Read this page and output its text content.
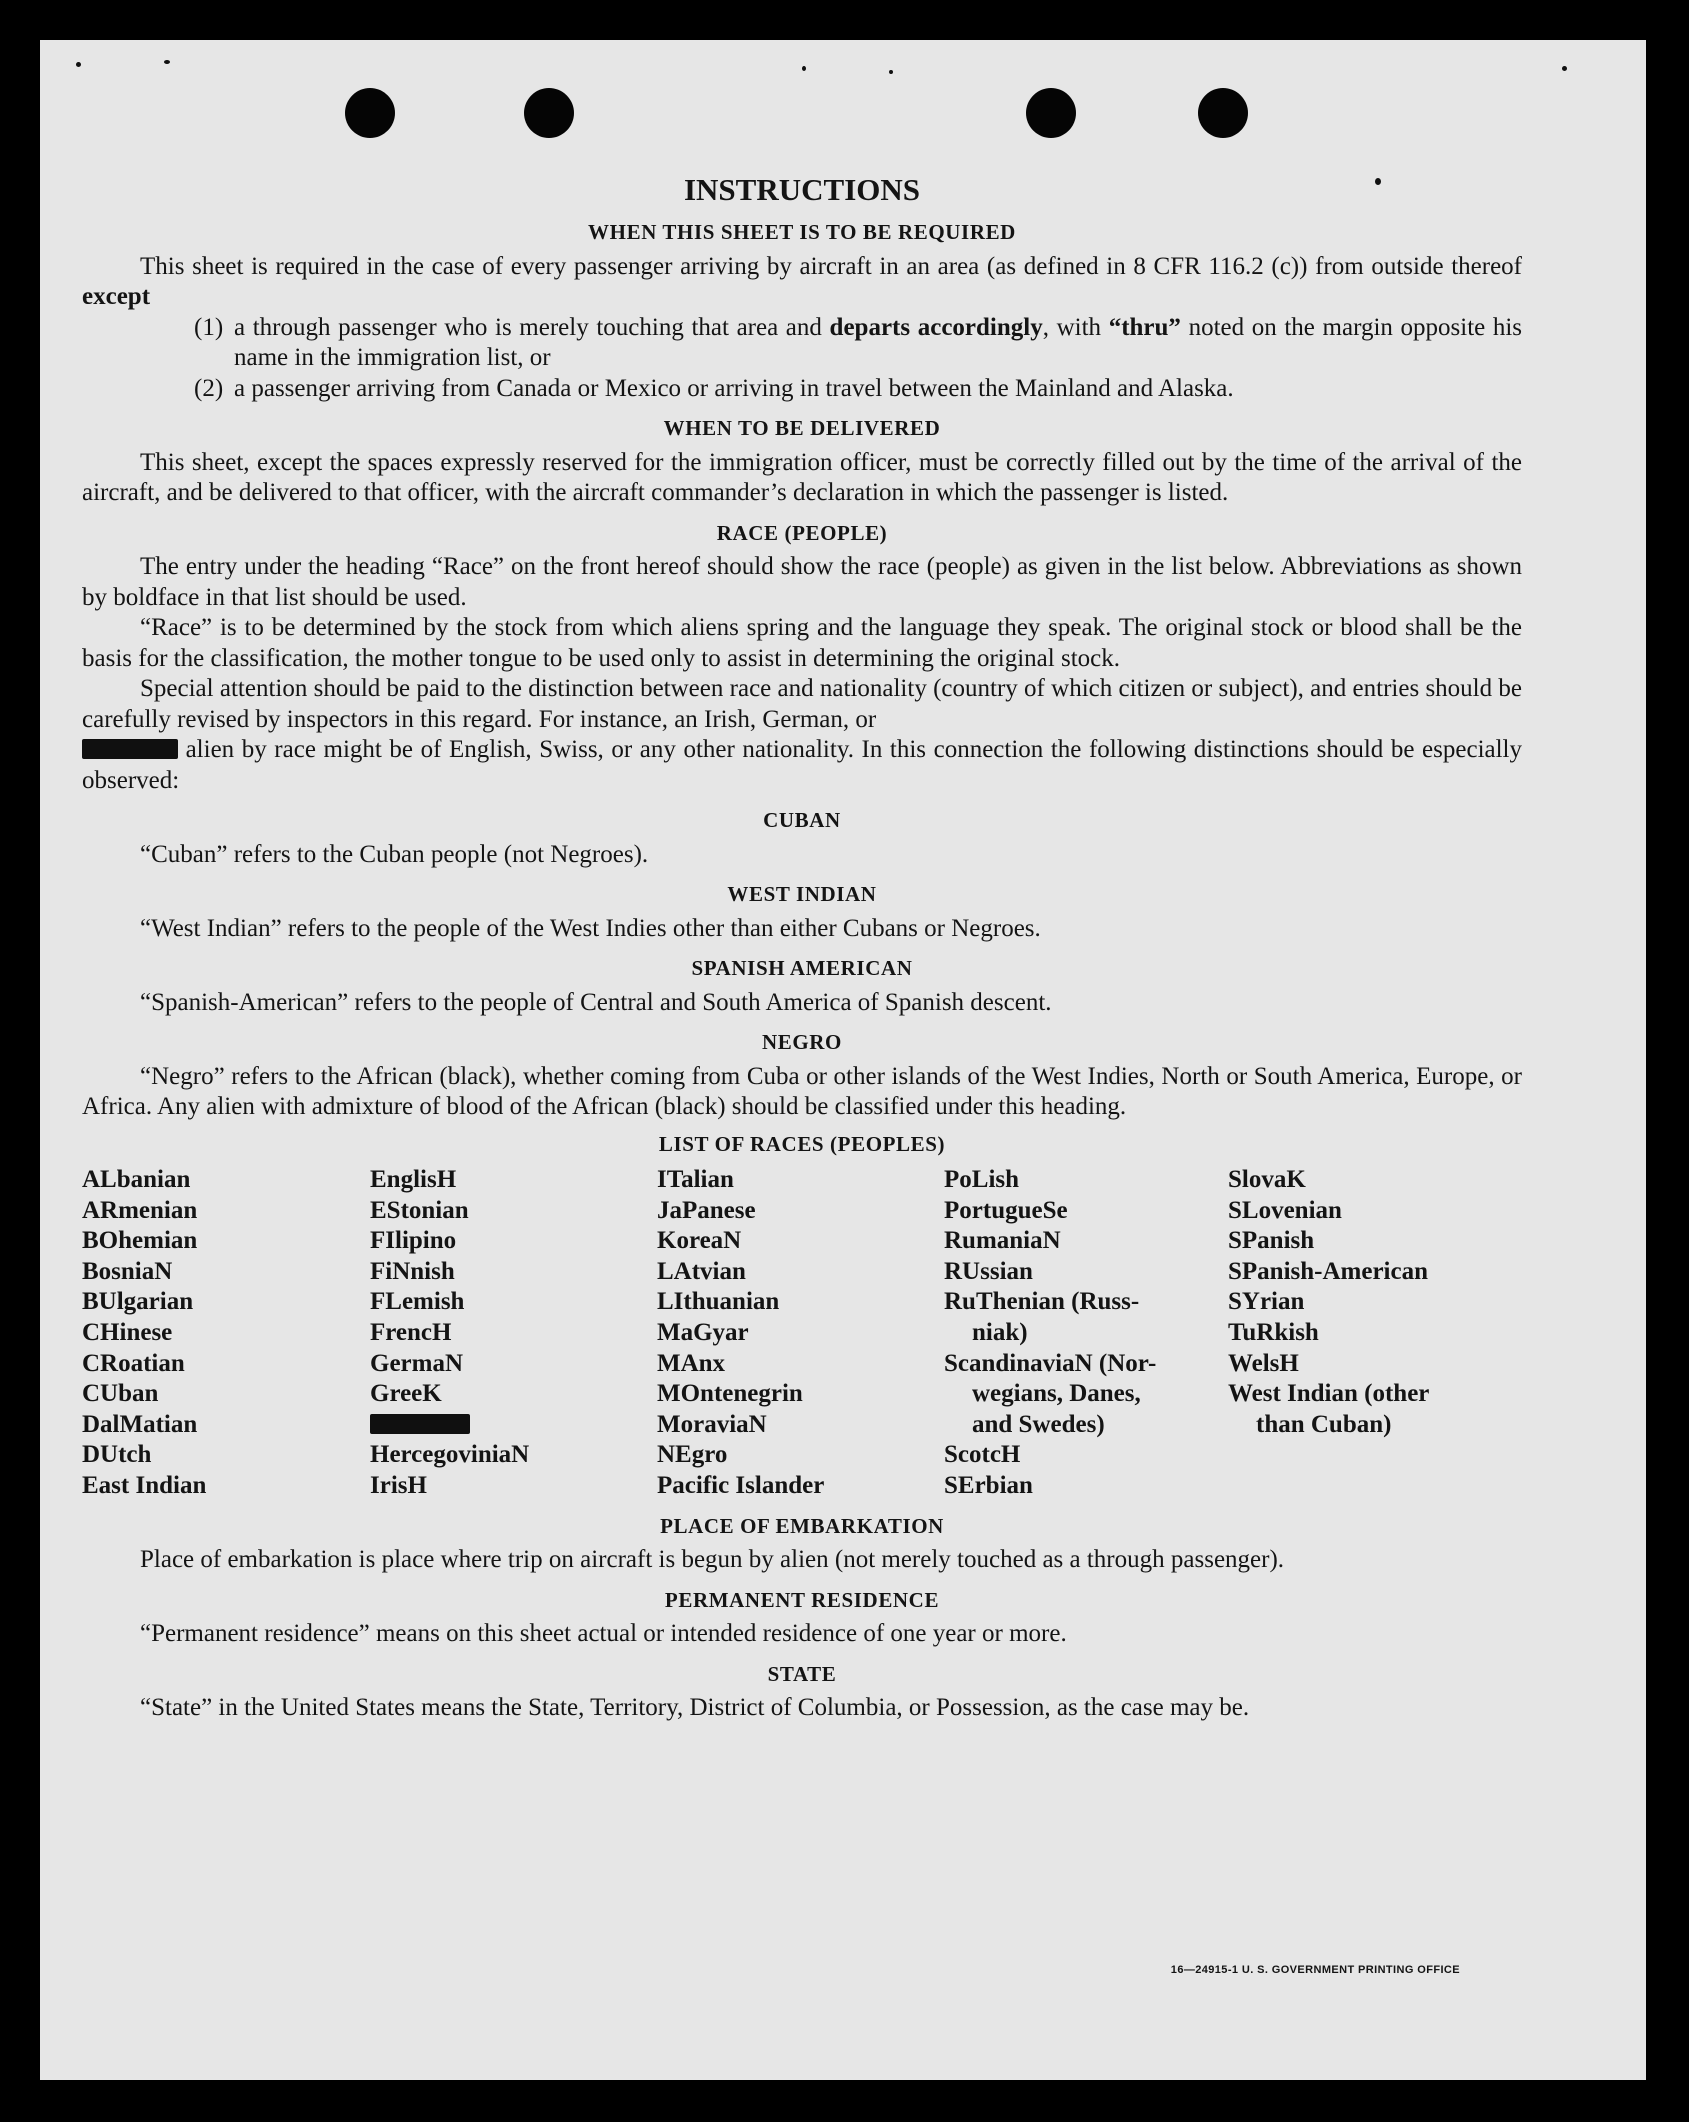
INSTRUCTIONS
WHEN THIS SHEET IS TO BE REQUIRED

This sheet is required in the case of every passenger arriving by aircraft in an area (as defined in 8 CFR 116.2 (c)) from outside thereof except

(1) a through passenger who is merely touching that area and departs accordingly, with “thru” noted on the margin opposite his name in the immigration list, or
(2) a passenger arriving from Canada or Mexico or arriving in travel between the Mainland and Alaska.
WHEN TO BE DELIVERED

This sheet, except the spaces expressly reserved for the immigration officer, must be correctly filled out by the time of the arrival of the aircraft, and be delivered to that officer, with the aircraft commander’s declaration in which the passenger is listed.

RACE (PEOPLE)

The entry under the heading “Race” on the front hereof should show the race (people) as given in the list below. Abbreviations as shown by boldface in that list should be used.

“Race” is to be determined by the stock from which aliens spring and the language they speak. The original stock or blood shall be the basis for the classification, the mother tongue to be used only to assist in determining the original stock.

Special attention should be paid to the distinction between race and nationality (country of which citizen or subject), and entries should be carefully revised by inspectors in this regard. For instance, an Irish, German, or
alien by race might be of English, Swiss, or any other nationality. In this connection the following distinctions should be especially observed:

CUBAN

“Cuban” refers to the Cuban people (not Negroes).

WEST INDIAN

“West Indian” refers to the people of the West Indies other than either Cubans or Negroes.

SPANISH AMERICAN

“Spanish-American” refers to the people of Central and South America of Spanish descent.

NEGRO

“Negro” refers to the African (black), whether coming from Cuba or other islands of the West Indies, North or South America, Europe, or Africa. Any alien with admixture of blood of the African (black) should be classified under this heading.

LIST OF RACES (PEOPLES)
ALbanian
ARmenian
BOhemian
BosniaN
BUlgarian
CHinese
CRoatian
CUban
DalMatian
DUtch
East Indian
EnglisH
EStonian
FIlipino
FiNnish
FLemish
FrencH
GermaN
GreeK
HercegoviniaN
IrisH
ITalian
JaPanese
KoreaN
LAtvian
LIthuanian
MaGyar
MAnx
MOntenegrin
MoraviaN
NEgro
Pacific Islander
PoLish
PortugueSe
RumaniaN
RUssian
RuThenian (Russ-
niak)
ScandinaviaN (Nor-
wegians, Danes,
and Swedes)
ScotcH
SErbian
SlovaK
SLovenian
SPanish
SPanish-American
SYrian
TuRkish
WelsH
West Indian (other
than Cuban)
PLACE OF EMBARKATION

Place of embarkation is place where trip on aircraft is begun by alien (not merely touched as a through passenger).

PERMANENT RESIDENCE

“Permanent residence” means on this sheet actual or intended residence of one year or more.

STATE

“State” in the United States means the State, Territory, District of Columbia, or Possession, as the case may be.

16—24915-1 U. S. GOVERNMENT PRINTING OFFICE
